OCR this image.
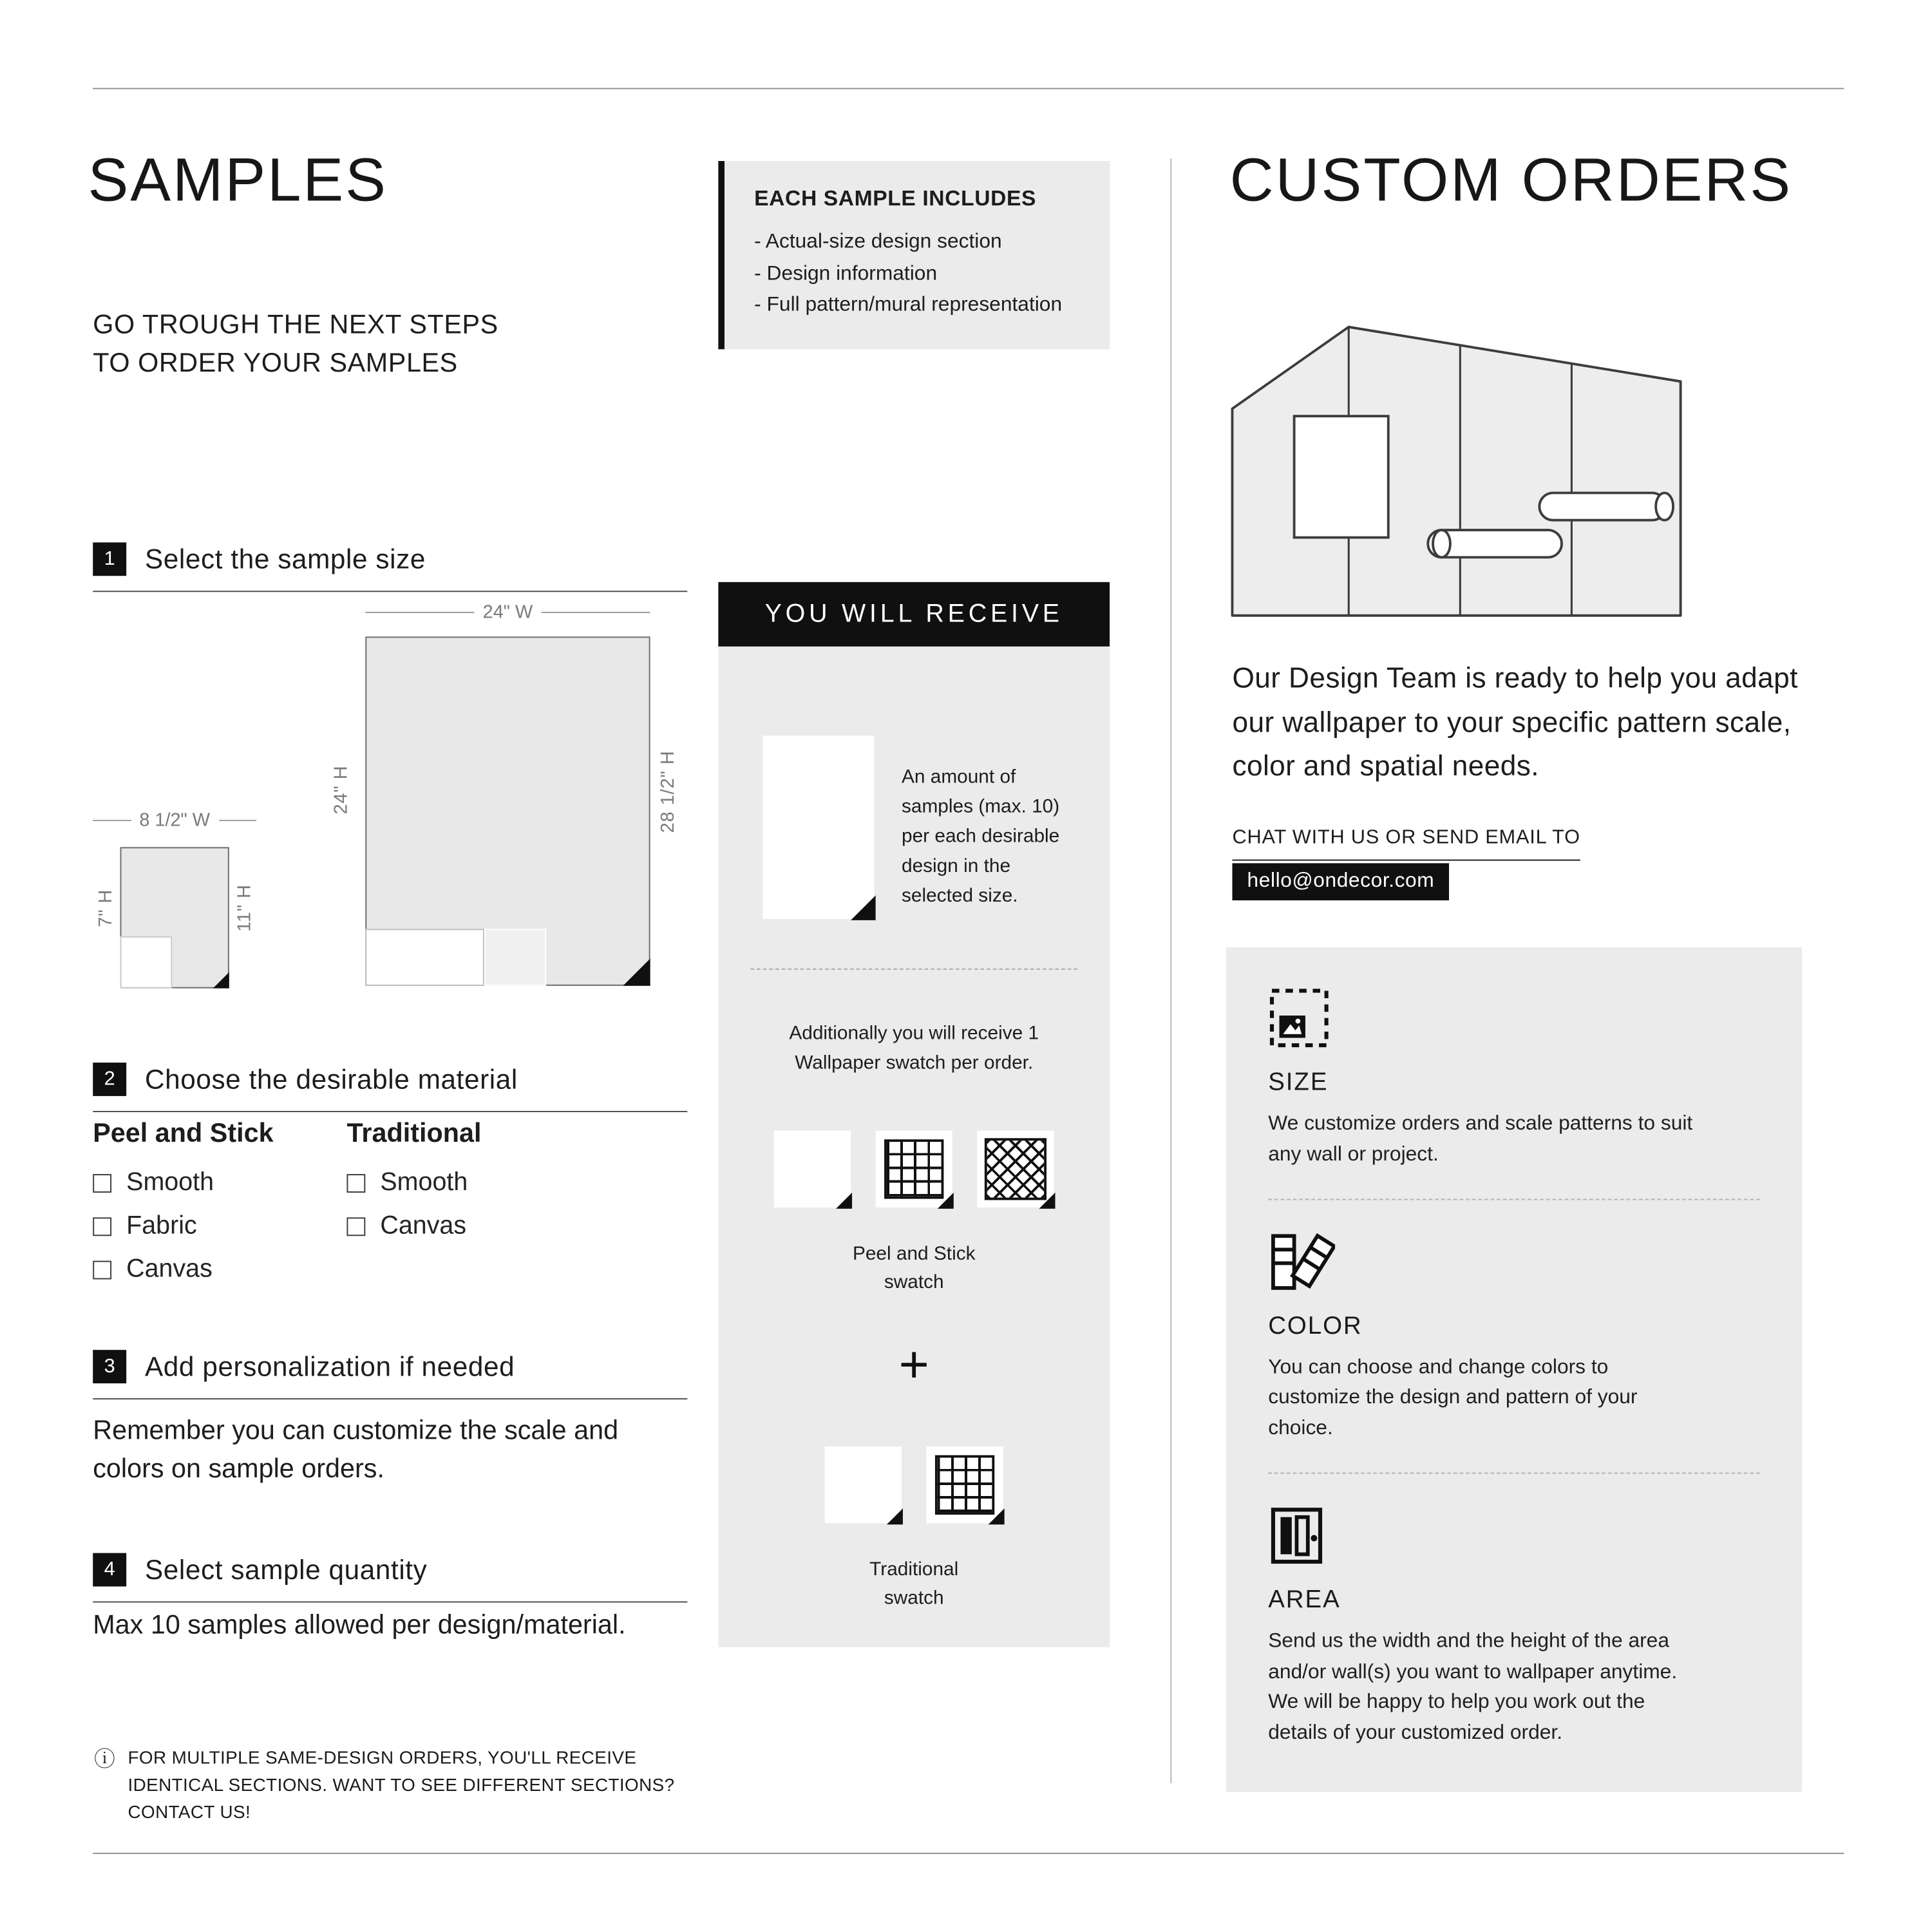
SAMPLES

GO TROUGH THE NEXT STEPS
TO ORDER YOUR SAMPLES

EACH SAMPLE INCLUDES
- Actual-size design section
- Design information
- Full pattern/mural representation
1	Select the sample size
24" W
24" H	28 1/2" H
8 1/2" W
7" H	11" H
2	Choose the desirable material
Peel and Stick
Smooth
Fabric
Canvas
Traditional
Smooth
Canvas
3	Add personalization if needed

Remember you can customize the scale and colors on sample orders.

4	Select sample quantity

Max 10 samples allowed per design/material.

ⓘ FOR MULTIPLE SAME-DESIGN ORDERS, YOU'LL RECEIVE IDENTICAL SECTIONS. WANT TO SEE DIFFERENT SECTIONS? CONTACT US!
YOU WILL RECEIVE
An amount of samples (max. 10) per each desirable design in the selected size.
Additionally you will receive 1 Wallpaper swatch per order.
Peel and Stick
swatch
+
Traditional
swatch
CUSTOM ORDERS

Our Design Team is ready to help you adapt our wallpaper to your specific pattern scale, color and spatial needs.

CHAT WITH US OR SEND EMAIL TO
hello@ondecor.com
SIZE
We customize orders and scale patterns to suit any wall or project.
COLOR
You can choose and change colors to customize the design and pattern of your choice.
AREA
Send us the width and the height of the area and/or wall(s) you want to wallpaper anytime. We will be happy to help you work out the details of your customized order.
